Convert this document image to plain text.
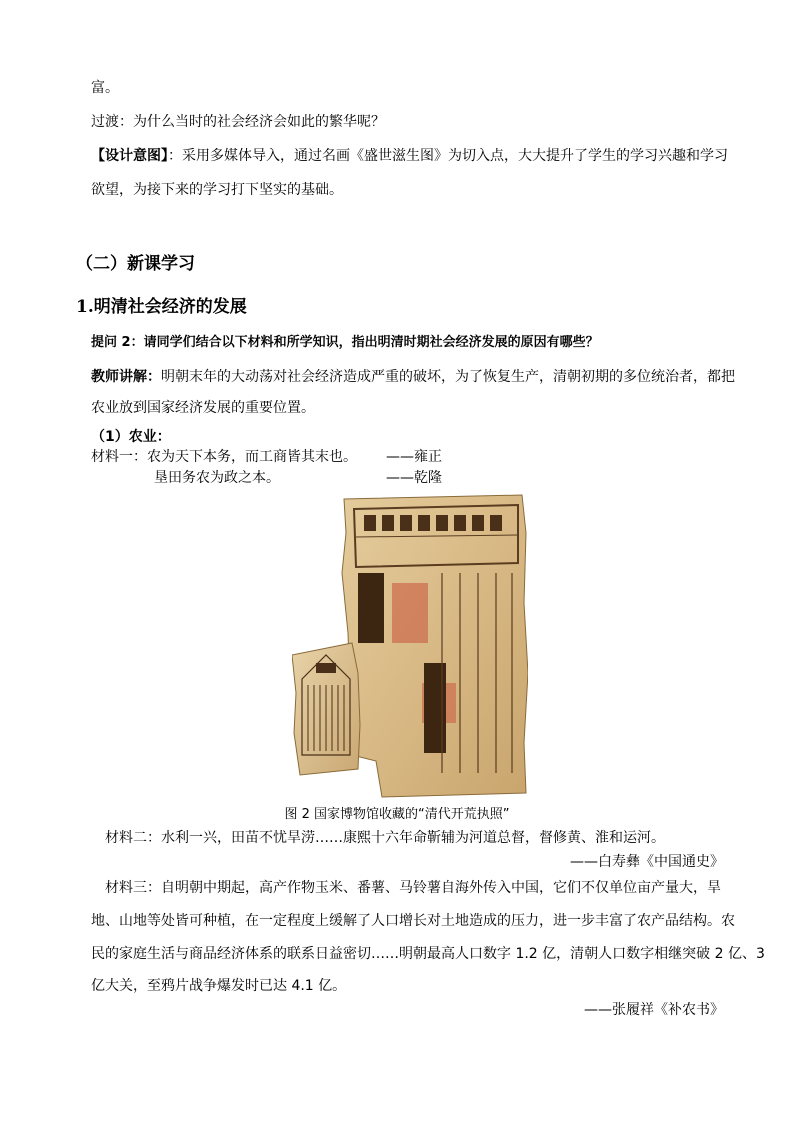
富。
过渡：为什么当时的社会经济会如此的繁华呢？
【设计意图】：采用多媒体导入，通过名画《盛世滋生图》为切入点，大大提升了学生的学习兴趣和学习
欲望，为接下来的学习打下坚实的基础。
（二）新课学习
1.明清社会经济的发展
提问 2：请同学们结合以下材料和所学知识，指出明清时期社会经济发展的原因有哪些？
教师讲解：明朝末年的大动荡对社会经济造成严重的破坏，为了恢复生产，清朝初期的多位统治者，都把
农业放到国家经济发展的重要位置。
（1）农业：
材料一：农为天下本务，而工商皆其末也。 ——雍正
垦田务农为政之本。	——乾隆
图 2 国家博物馆收藏的“清代开荒执照”
材料二：水利一兴，田苗不忧旱涝……康熙十六年命靳辅为河道总督，督修黄、淮和运河。
——白寿彝《中国通史》
材料三：自明朝中期起，高产作物玉米、番薯、马铃薯自海外传入中国，它们不仅单位亩产量大，旱
地、山地等处皆可种植，在一定程度上缓解了人口增长对土地造成的压力，进一步丰富了农产品结构。农
民的家庭生活与商品经济体系的联系日益密切……明朝最高人口数字 1.2 亿，清朝人口数字相继突破 2 亿、3
亿大关，至鸦片战争爆发时已达 4.1 亿。
——张履祥《补农书》
